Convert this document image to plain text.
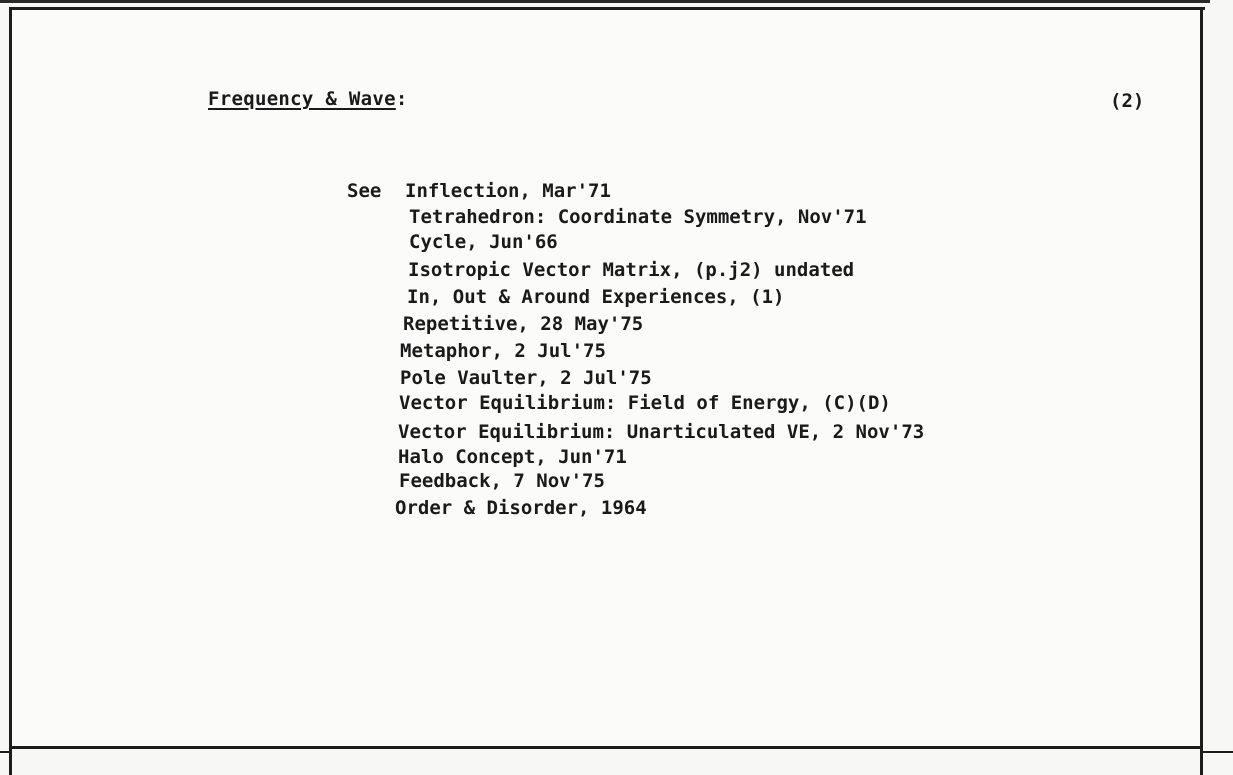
Frequency & Wave:	(2)
See Inflection, Mar'71
Tetrahedron: Coordinate Symmetry, Nov'71
Cycle, Jun'66
Isotropic Vector Matrix, (p.j2) undated
In, Out & Around Experiences, (1)
Repetitive, 28 May'75
Metaphor, 2 Jul'75
Pole Vaulter, 2 Jul'75
Vector Equilibrium: Field of Energy, (C)(D)
Vector Equilibrium: Unarticulated VE, 2 Nov'73
Halo Concept, Jun'71
Feedback, 7 Nov'75
Order & Disorder, 1964
